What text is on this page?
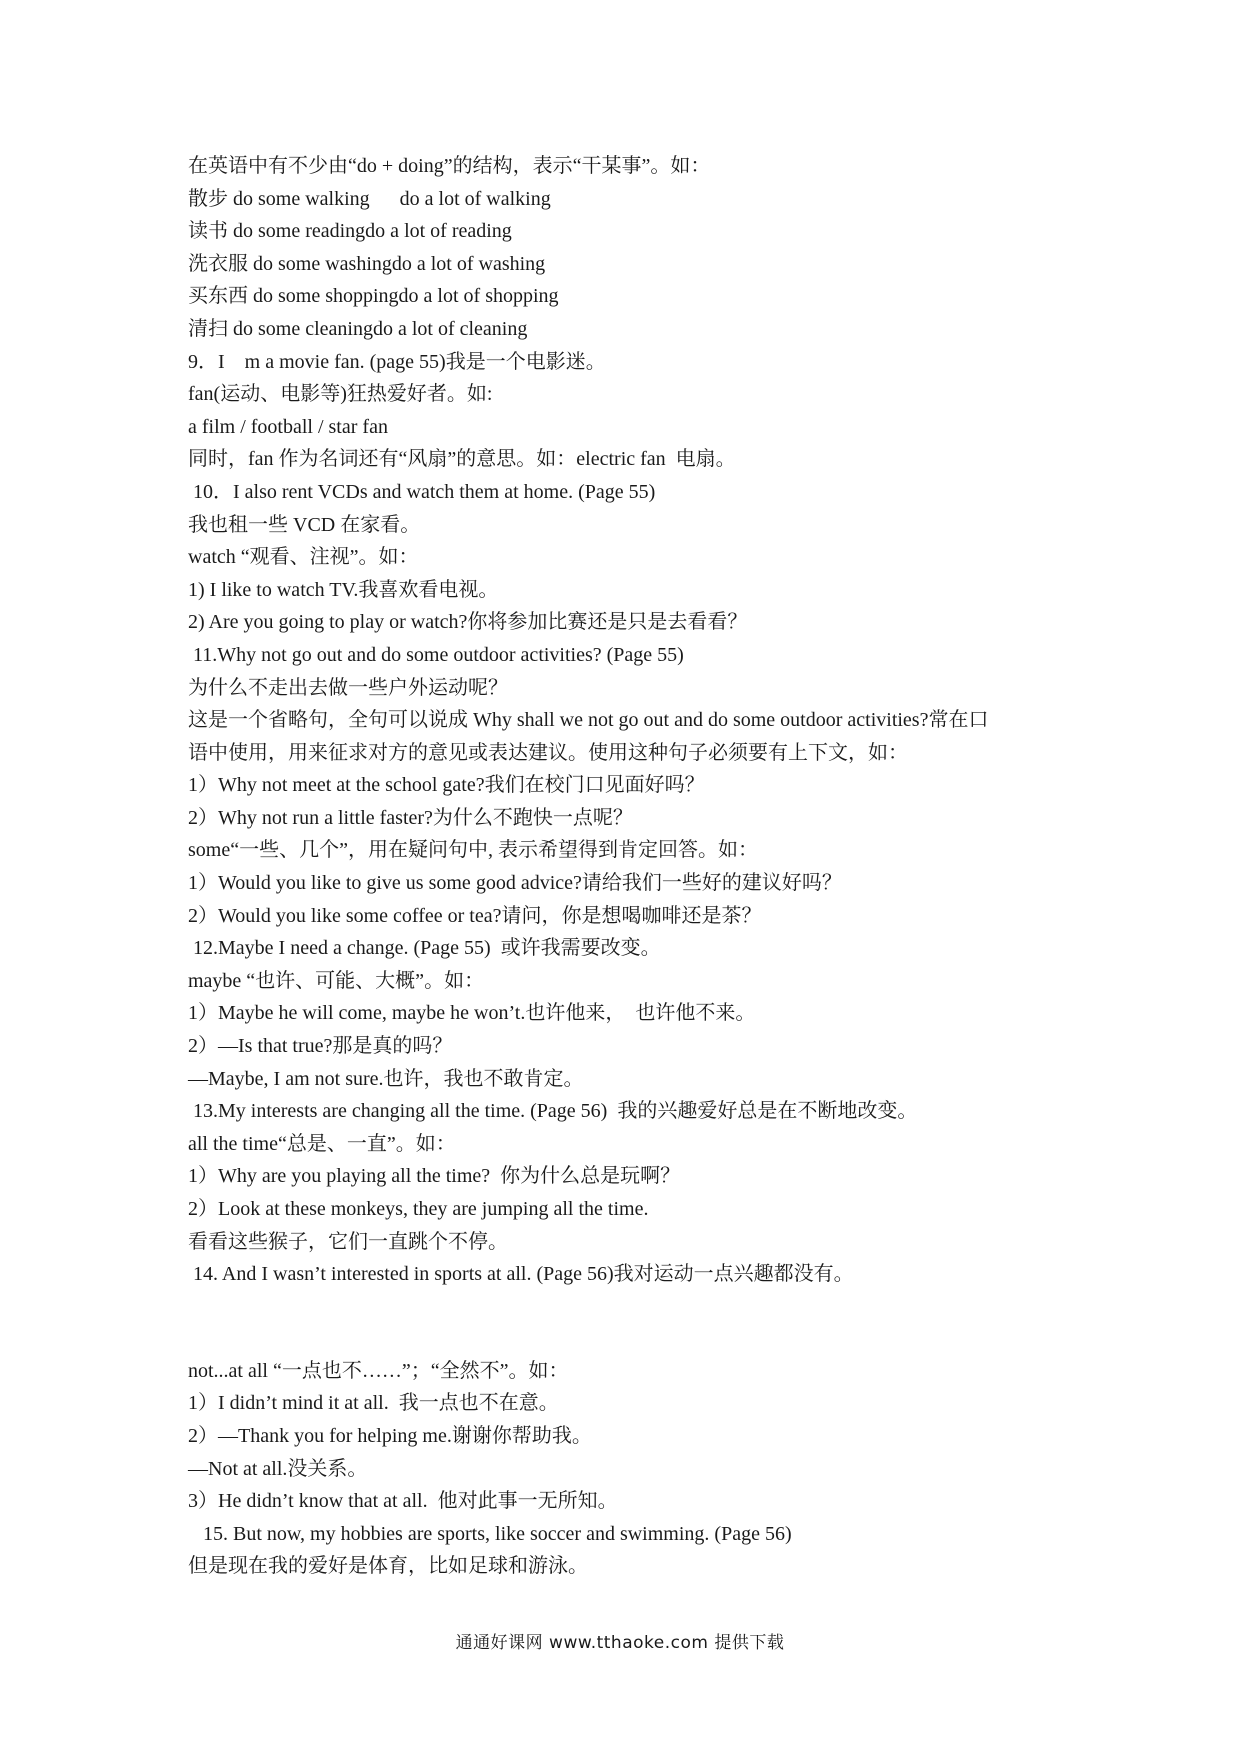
在英语中有不少由“do + doing”的结构，表示“干某事”。如：

散步 do some walking      do a lot of walking

读书 do some readingdo a lot of reading

洗衣服 do some washingdo a lot of washing

买东西 do some shoppingdo a lot of shopping

清扫 do some cleaningdo a lot of cleaning

9．I    m a movie fan. (page 55)我是一个电影迷。

fan(运动、电影等)狂热爱好者。如:

a film / football / star fan

同时，fan 作为名词还有“风扇”的意思。如：electric fan  电扇。

10．I also rent VCDs and watch them at home. (Page 55)

我也租一些 VCD 在家看。

watch “观看、注视”。如：

1) I like to watch TV.我喜欢看电视。

2) Are you going to play or watch?你将参加比赛还是只是去看看？

11.Why not go out and do some outdoor activities? (Page 55)

为什么不走出去做一些户外运动呢？

这是一个省略句，全句可以说成 Why shall we not go out and do some outdoor activities?常在口

语中使用，用来征求对方的意见或表达建议。使用这种句子必须要有上下文，如：

1）Why not meet at the school gate?我们在校门口见面好吗？

2）Why not run a little faster?为什么不跑快一点呢？

some“一些、几个”，用在疑问句中, 表示希望得到肯定回答。如：

1）Would you like to give us some good advice?请给我们一些好的建议好吗？

2）Would you like some coffee or tea?请问，你是想喝咖啡还是茶？

12.Maybe I need a change. (Page 55)  或许我需要改变。

maybe “也许、可能、大概”。如：

1）Maybe he will come, maybe he won’t.也许他来，  也许他不来。

2）—Is that true?那是真的吗？

—Maybe, I am not sure.也许，我也不敢肯定。

13.My interests are changing all the time. (Page 56)  我的兴趣爱好总是在不断地改变。

all the time“总是、一直”。如：

1）Why are you playing all the time?  你为什么总是玩啊？

2）Look at these monkeys, they are jumping all the time.

看看这些猴子，它们一直跳个不停。

14. And I wasn’t interested in sports at all. (Page 56)我对运动一点兴趣都没有。

not...at all “一点也不……”；“全然不”。如：

1）I didn’t mind it at all.  我一点也不在意。

2）—Thank you for helping me.谢谢你帮助我。

—Not at all.没关系。

3）He didn’t know that at all.  他对此事一无所知。

15. But now, my hobbies are sports, like soccer and swimming. (Page 56)

但是现在我的爱好是体育，比如足球和游泳。

通通好课网 www.tthaoke.com 提供下载
